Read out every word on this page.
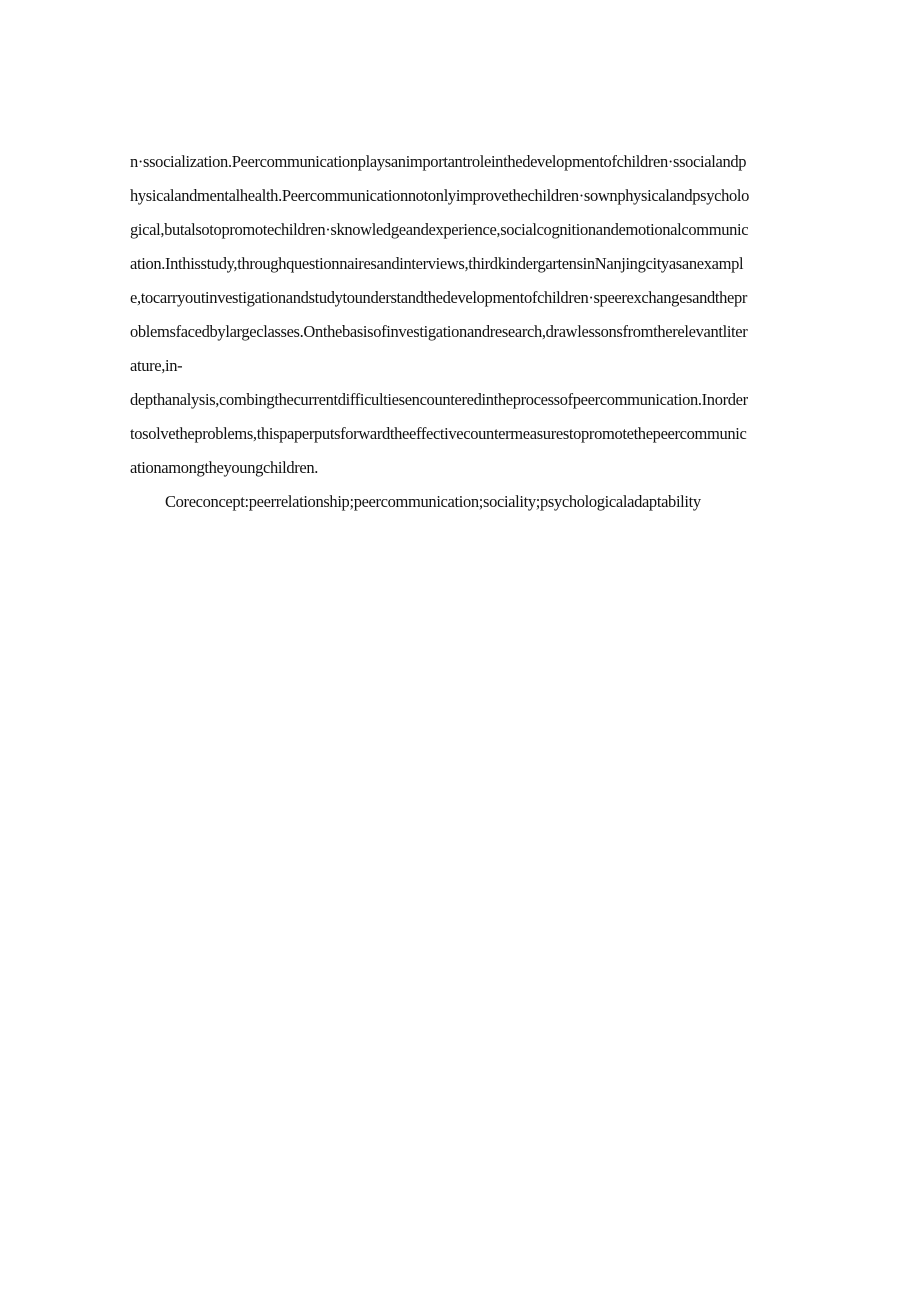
n·ssocialization.Peercommunicationplaysanimportantroleinthedevelopmentofchildren·ssocialandp
hysicalandmentalhealth.Peercommunicationnotonlyimprovethechildren·sownphysicalandpsycholo
gical,butalsotopromotechildren·sknowledgeandexperience,socialcognitionandemotionalcommunic
ation.Inthisstudy,throughquestionnairesandinterviews,thirdkindergartensinNanjingcityasanexampl
e,tocarryoutinvestigationandstudytounderstandthedevelopmentofchildren·speerexchangesandthepr
oblemsfacedbylargeclasses.Onthebasisofinvestigationandresearch,drawlessonsfromtherelevantliter
ature,in-
depthanalysis,combingthecurrentdifficultiesencounteredintheprocessofpeercommunication.Inorder
tosolvetheproblems,thispaperputsforwardtheeffectivecountermeasurestopromotethepeercommunic
ationamongtheyoungchildren.
Coreconcept:peerrelationship;peercommunication;sociality;psychologicaladaptability
